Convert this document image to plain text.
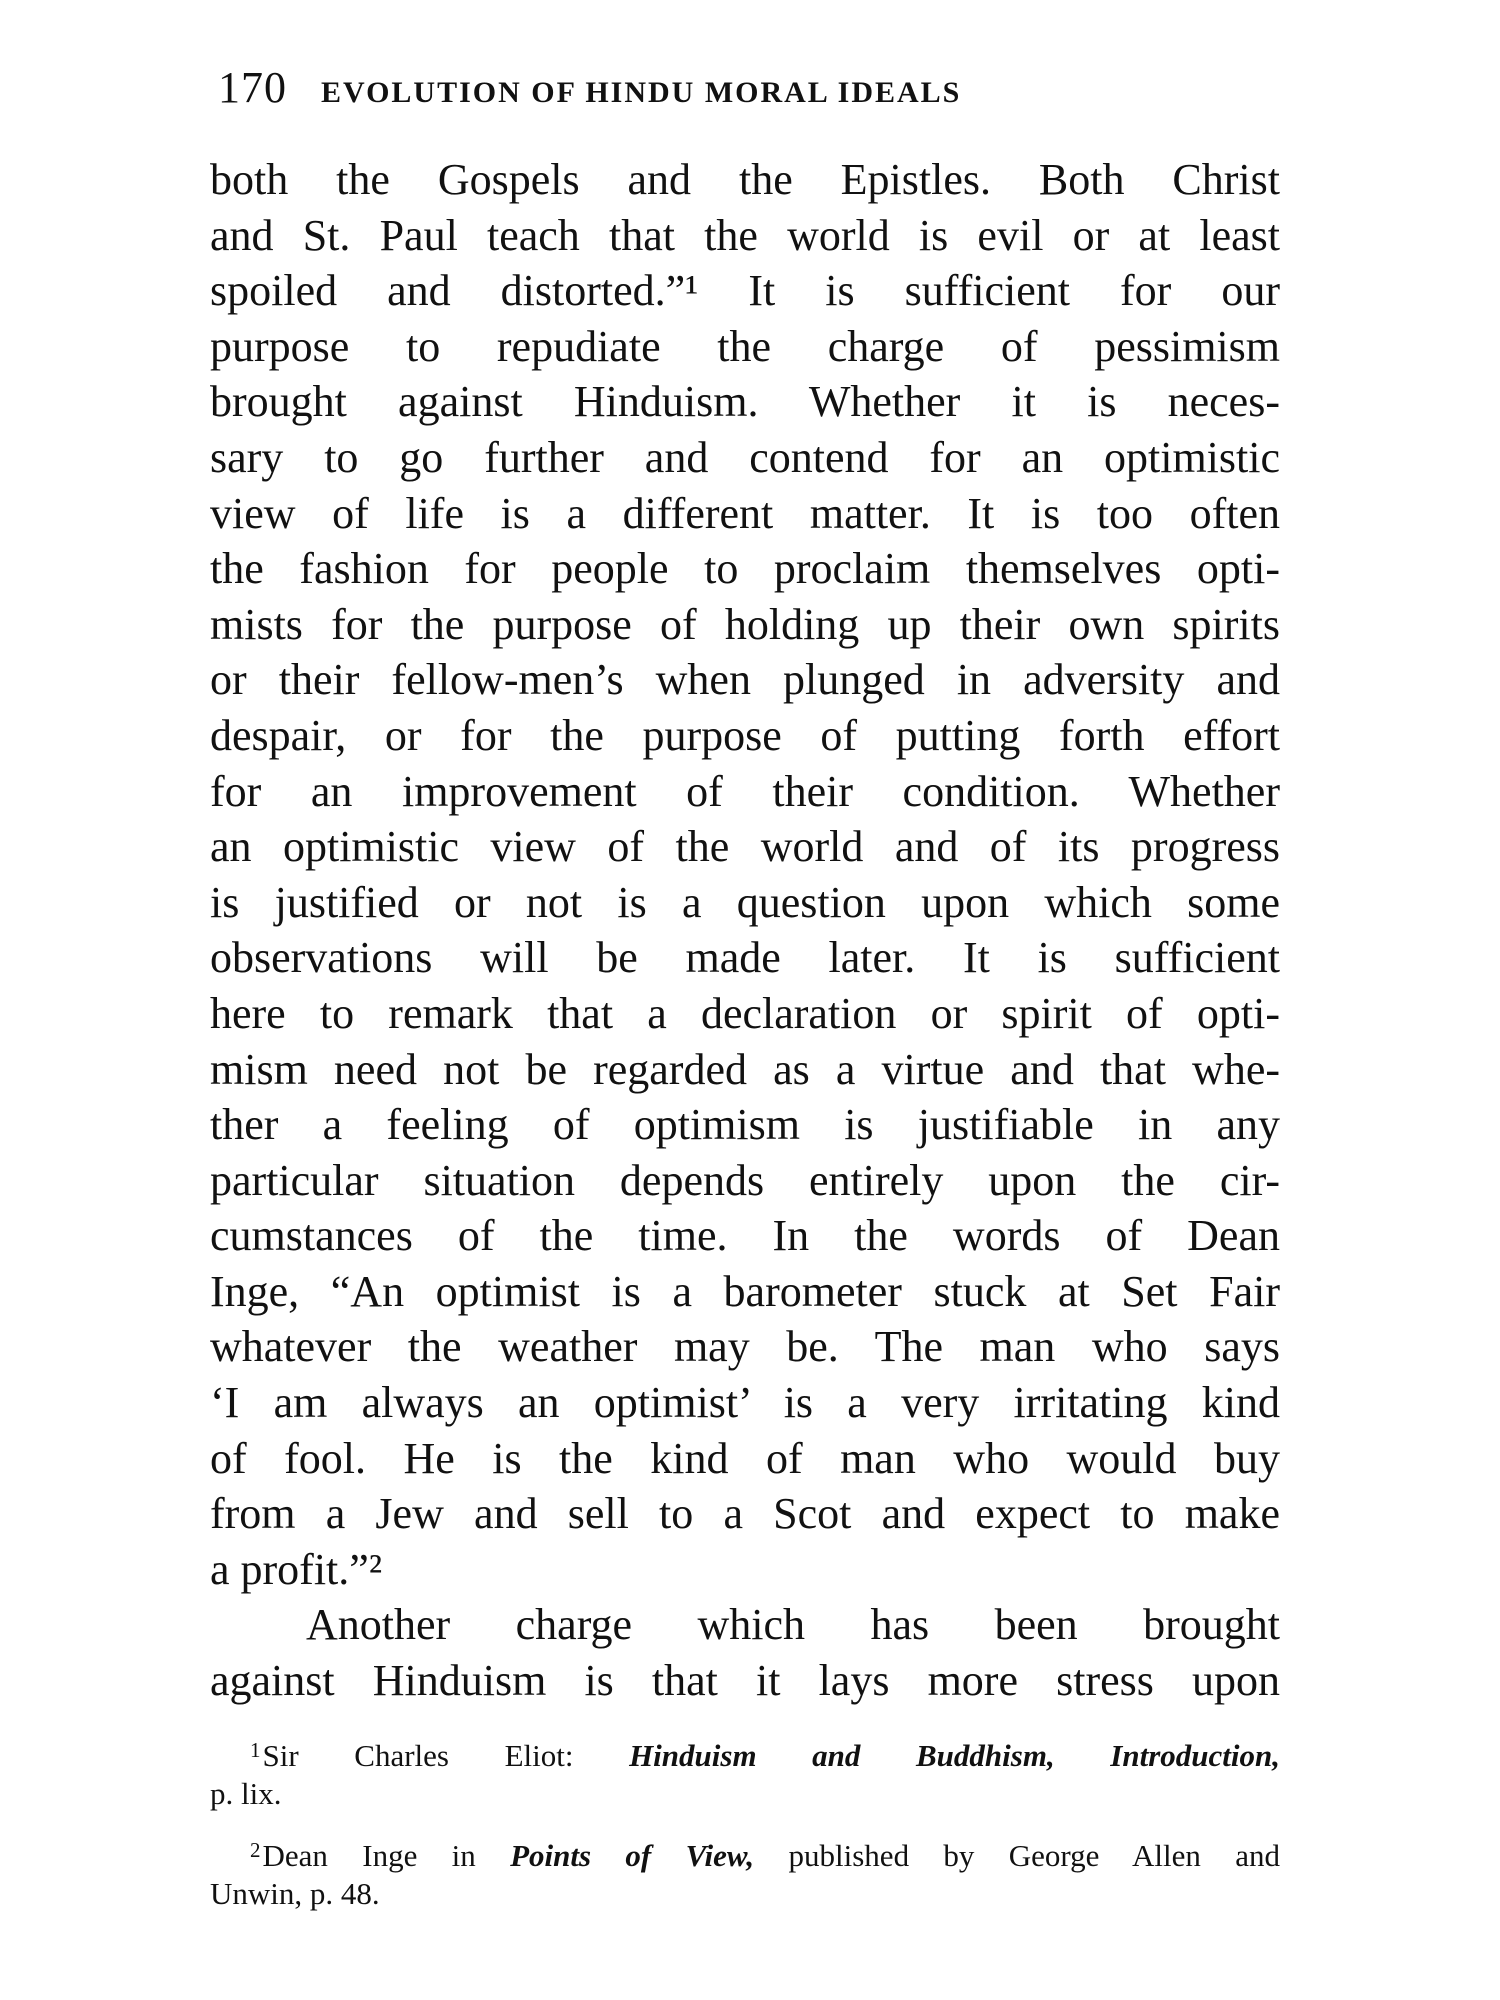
170 EVOLUTION OF HINDU MORAL IDEALS
both the Gospels and the Epistles. Both Christ
and St. Paul teach that the world is evil or at least
spoiled and distorted.”¹ It is sufficient for our
purpose to repudiate the charge of pessimism
brought against Hinduism. Whether it is neces-
sary to go further and contend for an optimistic
view of life is a different matter. It is too often
the fashion for people to proclaim themselves opti-
mists for the purpose of holding up their own spirits
or their fellow-men’s when plunged in adversity and
despair, or for the purpose of putting forth effort
for an improvement of their condition. Whether
an optimistic view of the world and of its progress
is justified or not is a question upon which some
observations will be made later. It is sufficient
here to remark that a declaration or spirit of opti-
mism need not be regarded as a virtue and that whe-
ther a feeling of optimism is justifiable in any
particular situation depends entirely upon the cir-
cumstances of the time. In the words of Dean
Inge, “An optimist is a barometer stuck at Set Fair
whatever the weather may be. The man who says
‘I am always an optimist’ is a very irritating kind
of fool. He is the kind of man who would buy
from a Jew and sell to a Scot and expect to make
a profit.”²
Another charge which has been brought
against Hinduism is that it lays more stress upon
$^1$Sir Charles Eliot: Hinduism and Buddhism, Introduction,
p. lix.
$^2$Dean Inge in Points of View, published by George Allen and
Unwin, p. 48.
